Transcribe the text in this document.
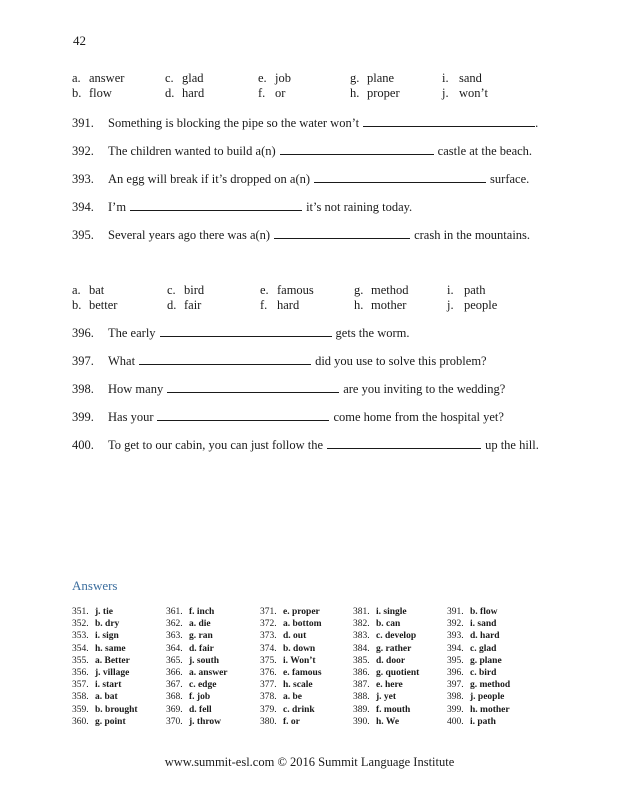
42
a. answer	c. glad	e. job	g. plane	i. sand
b. flow	d. hard	f. or	h. proper	j. won’t
391. Something is blocking the pipe so the water won’t	.
392. The children wanted to build a(n)	castle at the beach.
393. An egg will break if it’s dropped on a(n)	surface.
394. I’m	it’s not raining today.
395. Several years ago there was a(n)	crash in the mountains.
a. bat	c. bird	e. famous	g. method	i. path
b. better	d. fair	f. hard	h. mother	j. people
396. The early	gets the worm.
397. What	did you use to solve this problem?
398. How many	are you inviting to the wedding?
399. Has your	come home from the hospital yet?
400. To get to our cabin, you can just follow the	up the hill.
Answers
351. j. tie
352. b. dry
353. i. sign
354. h. same
355. a. Better
356. j. village
357. i. start
358. a. bat
359. b. brought
360. g. point
361. f. inch
362. a. die
363. g. ran
364. d. fair
365. j. south
366. a. answer
367. c. edge
368. f. job
369. d. fell
370. j. throw
371. e. proper
372. a. bottom
373. d. out
374. b. down
375. i. Won’t
376. e. famous
377. h. scale
378. a. be
379. c. drink
380. f. or
381. i. single
382. b. can
383. c. develop
384. g. rather
385. d. door
386. g. quotient
387. e. here
388. j. yet
389. f. mouth
390. h. We
391. b. flow
392. i. sand
393. d. hard
394. c. glad
395. g. plane
396. c. bird
397. g. method
398. j. people
399. h. mother
400. i. path
www.summit-esl.com © 2016 Summit Language Institute
